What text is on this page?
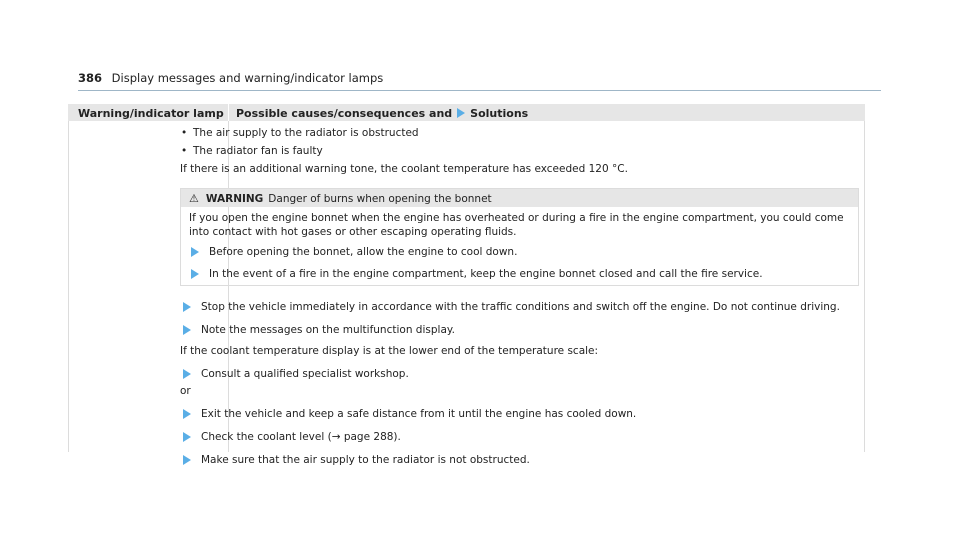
386 Display messages and warning/indicator lamps
Warning/indicator lamp	Possible causes/consequences and Solutions
• The air supply to the radiator is obstructed
• The radiator fan is faulty

If there is an additional warning tone, the coolant temperature has exceeded 120 °C.

⚠ WARNING Danger of burns when opening the bonnet
If you open the engine bonnet when the engine has overheated or during a fire in the engine compartment, you could come into contact with hot gases or other escaping operating fluids.
Before opening the bonnet, allow the engine to cool down.
In the event of a fire in the engine compartment, keep the engine bonnet closed and call the fire service.
Stop the vehicle immediately in accordance with the traffic conditions and switch off the engine. Do not continue driving.
Note the messages on the multifunction display.

If the coolant temperature display is at the lower end of the temperature scale:

Consult a qualified specialist workshop.

or

Exit the vehicle and keep a safe distance from it until the engine has cooled down.
Check the coolant level (→ page 288).
Make sure that the air supply to the radiator is not obstructed.
